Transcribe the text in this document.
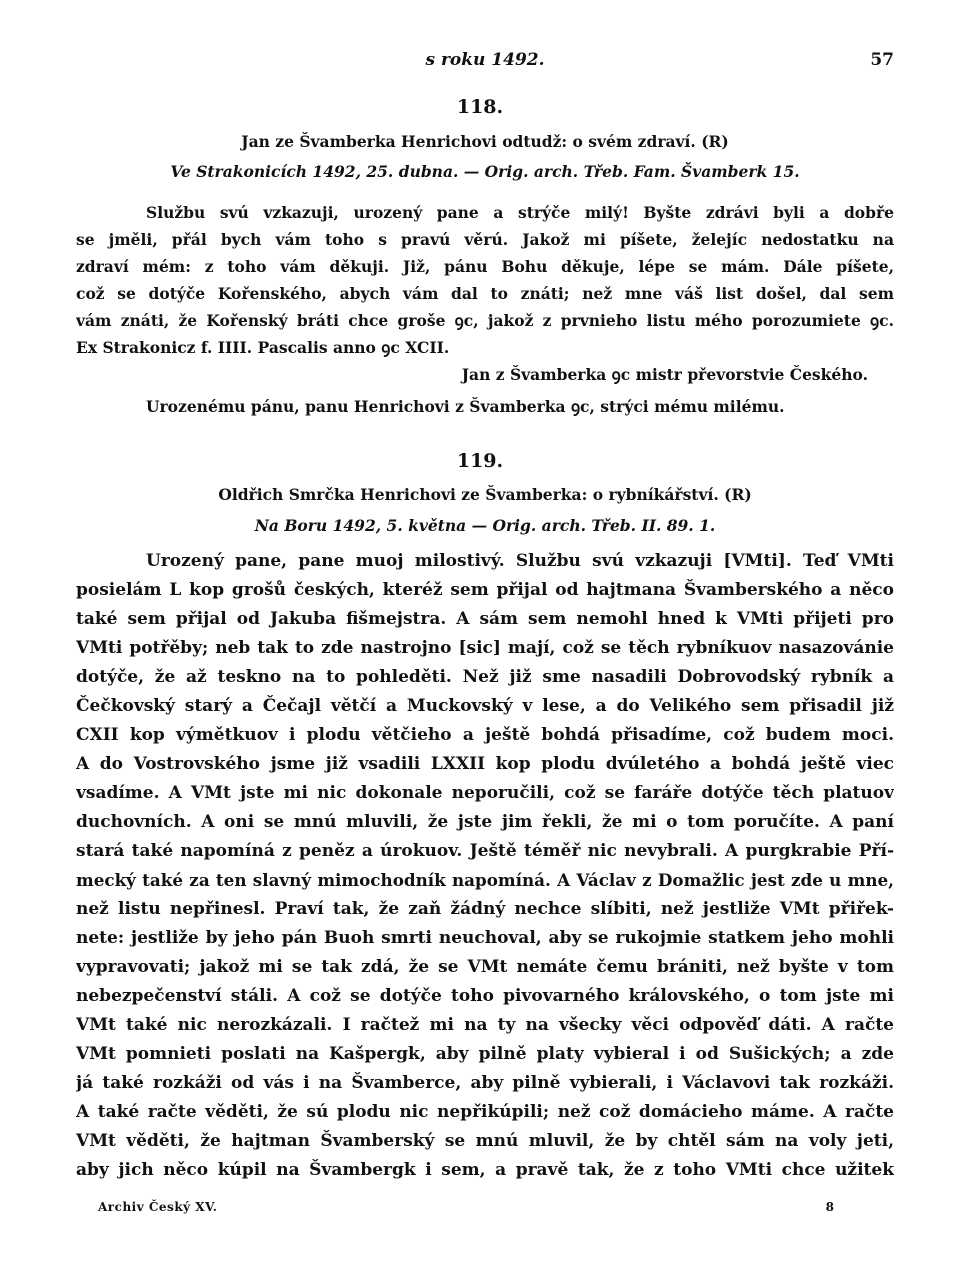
s roku 1492.	57
118.
Jan ze Švamberka Henrichovi odtudž: o svém zdraví. (R)
Ve Strakonicích 1492, 25. dubna. — Orig. arch. Třeb. Fam. Švamberk 15.
Službu svú vzkazuji, urozený pane a strýče milý! Byšte zdrávi byli a dobře
se jměli, přál bych vám toho s pravú věrú. Jakož mi píšete, želejíc nedostatku na
zdraví mém: z toho vám děkuji. Již, pánu Bohu děkuje, lépe se mám. Dále píšete,
což se dotýče Kořenského, abych vám dal to znáti; než mne váš list došel, dal sem
vám znáti, že Kořenský bráti chce groše ꝯc, jakož z prvnieho listu mého porozumiete ꝯc.
Ex Strakonicz f. IIII. Pascalis anno ꝯc XCII.
Jan z Švamberka ꝯc mistr převorstvie Českého.
Urozenému pánu, panu Henrichovi z Švamberka ꝯc, strýci mému milému.
119.
Oldřich Smrčka Henrichovi ze Švamberka: o rybníkářství. (R)
Na Boru 1492, 5. května — Orig. arch. Třeb. II. 89. 1.
Urozený pane, pane muoj milostivý. Službu svú vzkazuji [VMti]. Teď VMti
posielám L kop grošů českých, kteréž sem přijal od hajtmana Švamberského a něco
také sem přijal od Jakuba fišmejstra. A sám sem nemohl hned k VMti přijeti pro
VMti potřěby; neb tak to zde nastrojno [sic] mají, což se těch rybníkuov nasazovánie
dotýče, že až teskno na to pohleděti. Než již sme nasadili Dobrovodský rybník a
Čečkovský starý a Čečajl větčí a Muckovský v lese, a do Velikého sem přisadil již
CXII kop výmětkuov i plodu větčieho a ještě bohdá přisadíme, což budem moci.
A do Vostrovského jsme již vsadili LXXII kop plodu dvúletého a bohdá ještě viec
vsadíme. A VMt jste mi nic dokonale neporučili, což se faráře dotýče těch platuov
duchovních. A oni se mnú mluvili, že jste jim řekli, že mi o tom poručíte. A paní
stará také napomíná z peněz a úrokuov. Ještě téměř nic nevybrali. A purgkrabie Pří-
mecký také za ten slavný mimochodník napomíná. A Václav z Domažlic jest zde u mne,
než listu nepřinesl. Praví tak, že zaň žádný nechce slíbiti, než jestliže VMt přiřek-
nete: jestliže by jeho pán Buoh smrti neuchoval, aby se rukojmie statkem jeho mohli
vypravovati; jakož mi se tak zdá, že se VMt nemáte čemu brániti, než byšte v tom
nebezpečenství stáli. A což se dotýče toho pivovarného královského, o tom jste mi
VMt také nic nerozkázali. I račtež mi na ty na všecky věci odpověď dáti. A račte
VMt pomnieti poslati na Kašpergk, aby pilně platy vybieral i od Sušických; a zde
já také rozkáži od vás i na Švamberce, aby pilně vybierali, i Václavovi tak rozkáži.
A také račte věděti, že sú plodu nic nepřikúpili; než což domácieho máme. A račte
VMt věděti, že hajtman Švamberský se mnú mluvil, že by chtěl sám na voly jeti,
aby jich něco kúpil na Švambergk i sem, a pravě tak, že z toho VMti chce užitek
Archiv Český XV.	8
